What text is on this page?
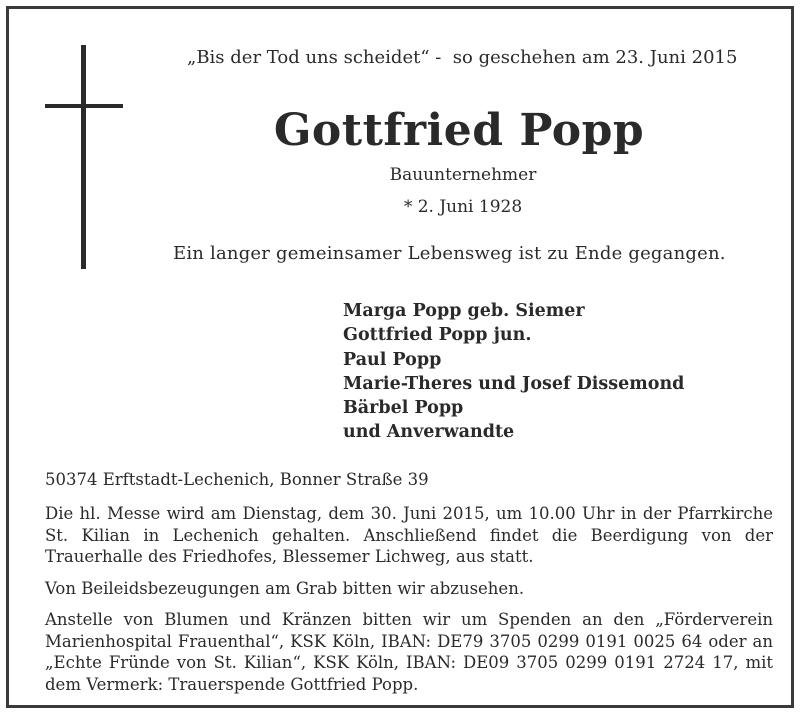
„Bis der Tod uns scheidet“ -  so geschehen am 23. Juni 2015
Gottfried Popp
Bauunternehmer
* 2. Juni 1928
Ein langer gemeinsamer Lebensweg ist zu Ende gegangen.
Marga Popp geb. Siemer
Gottfried Popp jun.
Paul Popp
Marie-Theres und Josef Dissemond
Bärbel Popp
und Anverwandte
50374 Erftstadt-Lechenich, Bonner Straße 39
Die hl. Messe wird am Dienstag, dem 30. Juni 2015, um 10.00 Uhr in der Pfarrkirche St. Kilian in Lechenich gehalten. Anschließend findet die Beerdigung von der Trauerhalle des Friedhofes, Blessemer Lichweg, aus statt.
Von Beileidsbezeugungen am Grab bitten wir abzusehen.
Anstelle von Blumen und Kränzen bitten wir um Spenden an den „Förderverein Marienhospital Frauenthal“, KSK Köln, IBAN: DE79 3705 0299 0191 0025 64 oder an „Echte Fründe von St. Kilian“, KSK Köln, IBAN: DE09 3705 0299 0191 2724 17, mit dem Vermerk: Trauerspende Gottfried Popp.
